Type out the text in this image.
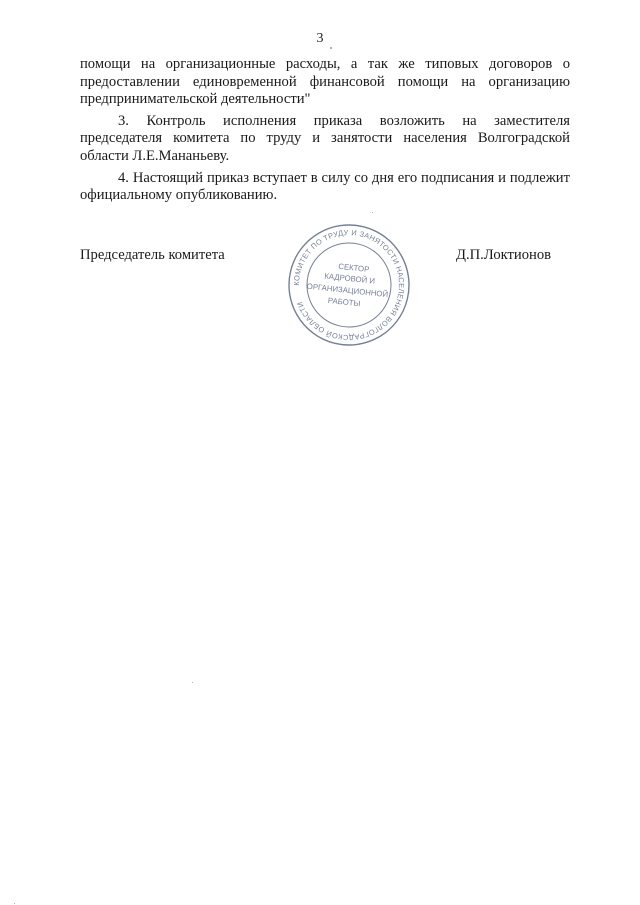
3

помощи на организационные расходы, а так же типовых договоров о предоставлении единовременной финансовой помощи на организацию предпринимательской деятельности"

3. Контроль исполнения приказа возложить на заместителя председателя комитета по труду и занятости населения Волгоградской области Л.Е.Мананьеву.

4. Настоящий приказ вступает в силу со дня его подписания и подлежит официальному опубликованию.

Председатель комитета	Д.П.Локтионов
КОМИТЕТ ПО ТРУДУ И ЗАНЯТОСТИ НАСЕЛЕНИЯ ВОЛГОГРАДСКОЙ ОБЛАСТИ
СЕКТОР
КАДРОВОЙ И
ОРГАНИЗАЦИОННОЙ
РАБОТЫ
